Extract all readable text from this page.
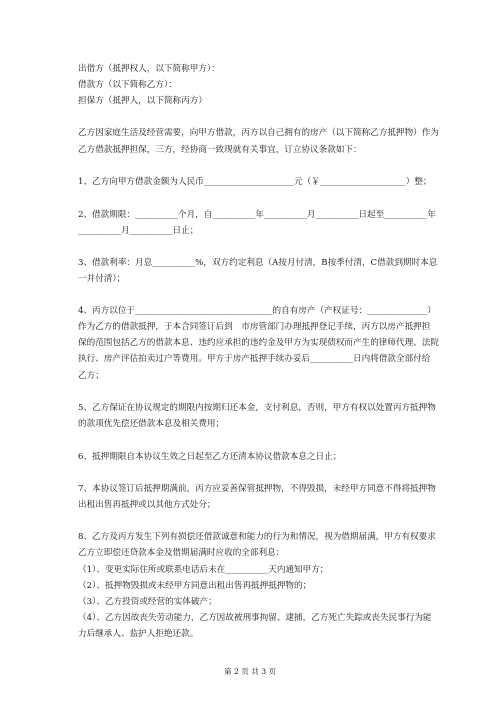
出借方（抵押权人，以下简称甲方）：
借款方（以下简称乙方）：
担保方（抵押人，以下简称丙方）
乙方因家庭生活及经营需要，向甲方借款，丙方以自己拥有的房产（以下简称乙方抵押物）作为
乙方借款抵押担保，三方，经协商一致现就有关事宜，订立协议条款如下：
1、乙方向甲方借款金额为人民币_____________________元（￥____________________）整；
2、借款期限：__________个月，自__________年__________月__________日起至__________年
__________月__________日止；
3、借款利率：月息__________%，双方约定利息（A按月付清，B按季付清，C借款到期时本息
一并付清）；
4、丙方以位于________________________________的自有房产（产权证号：______________）
作为乙方的借款抵押，于本合同签订后到　市房管部门办理抵押登记手续，丙方以房产抵押担
保的范围包括乙方的借款本息、违约应承担的违约金及甲方为实现债权而产生的律师代理、法院
执行、房产评估拍卖过户等费用。甲方于房产抵押手续办妥后__________日内将借款全部付给
乙方；
5、乙方保证在协议规定的期限内按期归还本金，支付利息，否则，甲方有权以处置丙方抵押物
的款项优先偿还借款本息及相关费用；
6、抵押期限自本协议生效之日起至乙方还清本协议借款本息之日止；
7、本协议签订后抵押期满前，丙方应妥善保管抵押物，不得毁损，未经甲方同意不得将抵押物
出租出售再抵押或以其他方式处分；
8、乙方及丙方发生下列有损偿还借款诚意和能力的行为和情况，视为借期届满，甲方有权要求
乙方立即偿还贷款本金及借期届满时应收的全部利息：
（1）、变更实际住所或联系电话后未在__________天内通知甲方；
（2）、抵押物毁损或未经甲方同意出租出售再抵押抵押物的；
（3）、乙方投资或经营的实体破产；
（4）、乙方因故丧失劳动能力，乙方因故被刑事拘留、逮捕，乙方死亡失踪或丧失民事行为能
力后继承人、监护人拒绝还款。
第 2 页 共 3 页
